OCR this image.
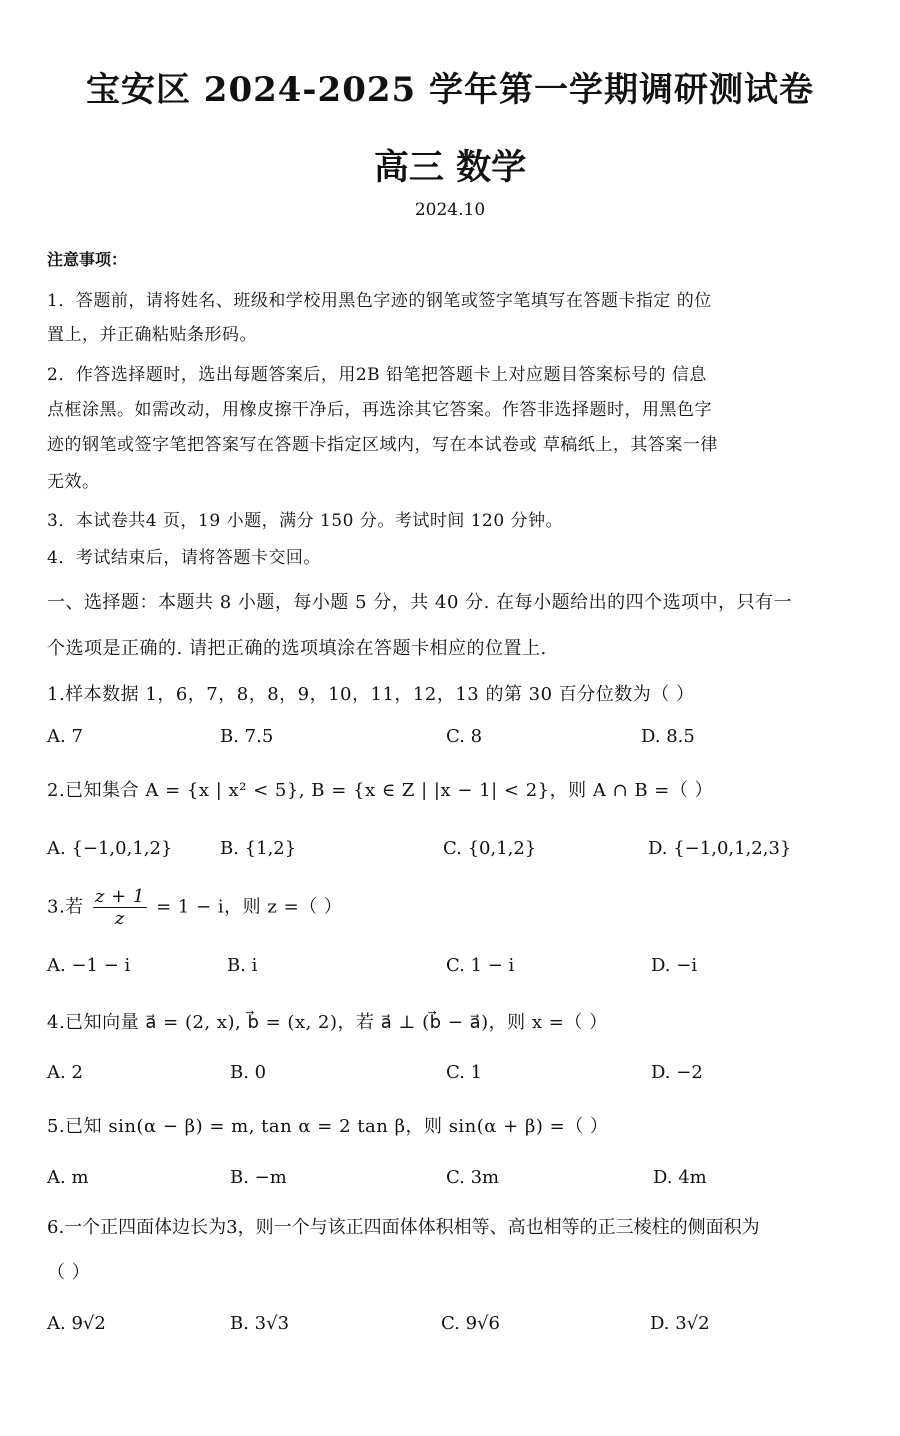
宝安区 2024-2025 学年第一学期调研测试卷
高三 数学
2024.10
注意事项：
1．答题前，请将姓名、班级和学校用黑色字迹的钢笔或签字笔填写在答题卡指定 的位
置上，并正确粘贴条形码。
2．作答选择题时，选出每题答案后，用2B 铅笔把答题卡上对应题目答案标号的 信息
点框涂黑。如需改动，用橡皮擦干净后，再选涂其它答案。作答非选择题时，用黑色字
迹的钢笔或签字笔把答案写在答题卡指定区域内，写在本试卷或 草稿纸上，其答案一律
无效。
3．本试卷共4 页，19 小题，满分 150 分。考试时间 120 分钟。
4．考试结束后，请将答题卡交回。
一、选择题：本题共 8 小题，每小题 5 分，共 40 分. 在每小题给出的四个选项中，只有一
个选项是正确的. 请把正确的选项填涂在答题卡相应的位置上.
1.样本数据 1，6，7，8，8，9，10，11，12，13 的第 30 百分位数为（ ）
A. 7	B. 7.5	C. 8	D. 8.5
2.已知集合 A = {x | x² < 5}, B = {x ∈ Z | |x − 1| < 2}，则 A ∩ B =（ ）
A. {−1,0,1,2}	B. {1,2}	C. {0,1,2}	D. {−1,0,1,2,3}
3.若 $\frac{z + 1}{z} = 1 - i$，则 z =（ ）
A. −1 − i	B. i	C. 1 − i	D. −i
4.已知向量 a⃗ = (2, x), b⃗ = (x, 2)，若 a⃗ ⊥ (b⃗ − a⃗)，则 x =（ ）
A. 2	B. 0	C. 1	D. −2
5.已知 sin(α − β) = m, tan α = 2 tan β，则 sin(α + β) =（ ）
A. m	B. −m	C. 3m	D. 4m
6.一个正四面体边长为3，则一个与该正四面体体积相等、高也相等的正三棱柱的侧面积为
（ ）
A. 9√2	B. 3√3	C. 9√6	D. 3√2
